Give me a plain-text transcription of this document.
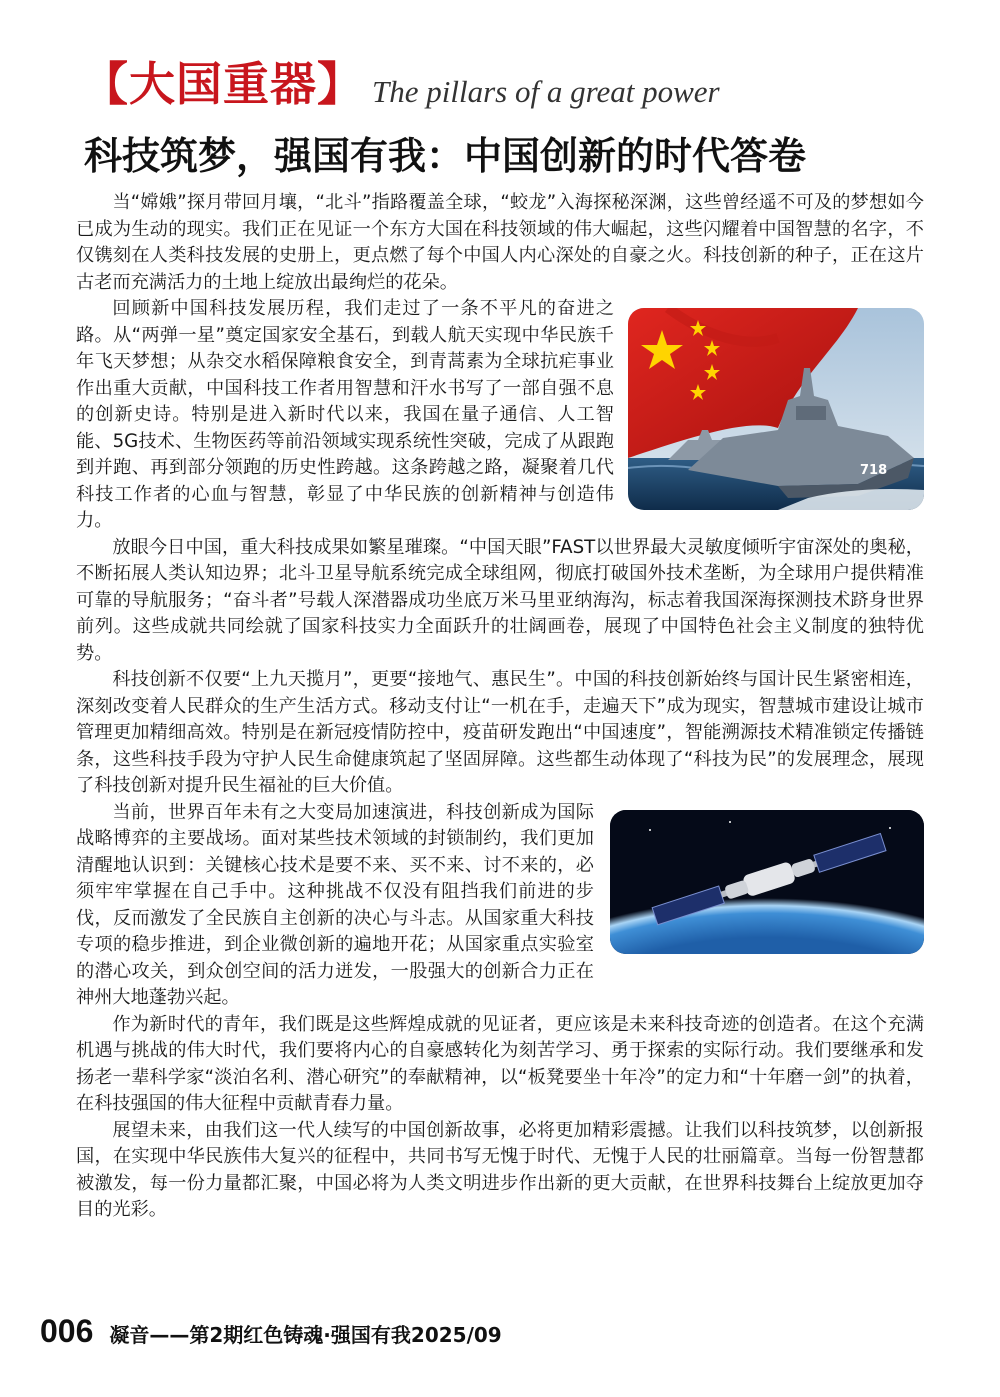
【大国重器】 The pillars of a great power
科技筑梦，强国有我：中国创新的时代答卷

当“嫦娥”探月带回月壤，“北斗”指路覆盖全球，“蛟龙”入海探秘深渊，这些曾经遥不可及的梦想如今已成为生动的现实。我们正在见证一个东方大国在科技领域的伟大崛起，这些闪耀着中国智慧的名字，不仅镌刻在人类科技发展的史册上，更点燃了每个中国人内心深处的自豪之火。科技创新的种子，正在这片古老而充满活力的土地上绽放出最绚烂的花朵。

718

回顾新中国科技发展历程，我们走过了一条不平凡的奋进之路。从“两弹一星”奠定国家安全基石，到载人航天实现中华民族千年飞天梦想；从杂交水稻保障粮食安全，到青蒿素为全球抗疟事业作出重大贡献，中国科技工作者用智慧和汗水书写了一部自强不息的创新史诗。特别是进入新时代以来，我国在量子通信、人工智能、5G技术、生物医药等前沿领域实现系统性突破，完成了从跟跑到并跑、再到部分领跑的历史性跨越。这条跨越之路，凝聚着几代科技工作者的心血与智慧，彰显了中华民族的创新精神与创造伟力。

放眼今日中国，重大科技成果如繁星璀璨。“中国天眼”FAST以世界最大灵敏度倾听宇宙深处的奥秘，不断拓展人类认知边界；北斗卫星导航系统完成全球组网，彻底打破国外技术垄断，为全球用户提供精准可靠的导航服务；“奋斗者”号载人深潜器成功坐底万米马里亚纳海沟，标志着我国深海探测技术跻身世界前列。这些成就共同绘就了国家科技实力全面跃升的壮阔画卷，展现了中国特色社会主义制度的独特优势。

科技创新不仅要“上九天揽月”，更要“接地气、惠民生”。中国的科技创新始终与国计民生紧密相连，深刻改变着人民群众的生产生活方式。移动支付让“一机在手，走遍天下”成为现实，智慧城市建设让城市管理更加精细高效。特别是在新冠疫情防控中，疫苗研发跑出“中国速度”，智能溯源技术精准锁定传播链条，这些科技手段为守护人民生命健康筑起了坚固屏障。这些都生动体现了“科技为民”的发展理念，展现了科技创新对提升民生福祉的巨大价值。

当前，世界百年未有之大变局加速演进，科技创新成为国际战略博弈的主要战场。面对某些技术领域的封锁制约，我们更加清醒地认识到：关键核心技术是要不来、买不来、讨不来的，必须牢牢掌握在自己手中。这种挑战不仅没有阻挡我们前进的步伐，反而激发了全民族自主创新的决心与斗志。从国家重大科技专项的稳步推进，到企业微创新的遍地开花；从国家重点实验室的潜心攻关，到众创空间的活力迸发，一股强大的创新合力正在神州大地蓬勃兴起。

作为新时代的青年，我们既是这些辉煌成就的见证者，更应该是未来科技奇迹的创造者。在这个充满机遇与挑战的伟大时代，我们要将内心的自豪感转化为刻苦学习、勇于探索的实际行动。我们要继承和发扬老一辈科学家“淡泊名利、潜心研究”的奉献精神，以“板凳要坐十年冷”的定力和“十年磨一剑”的执着，在科技强国的伟大征程中贡献青春力量。

展望未来，由我们这一代人续写的中国创新故事，必将更加精彩震撼。让我们以科技筑梦，以创新报国，在实现中华民族伟大复兴的征程中，共同书写无愧于时代、无愧于人民的壮丽篇章。当每一份智慧都被激发，每一份力量都汇聚，中国必将为人类文明进步作出新的更大贡献，在世界科技舞台上绽放更加夺目的光彩。

006 凝音——第2期红色铸魂·强国有我2025/09
